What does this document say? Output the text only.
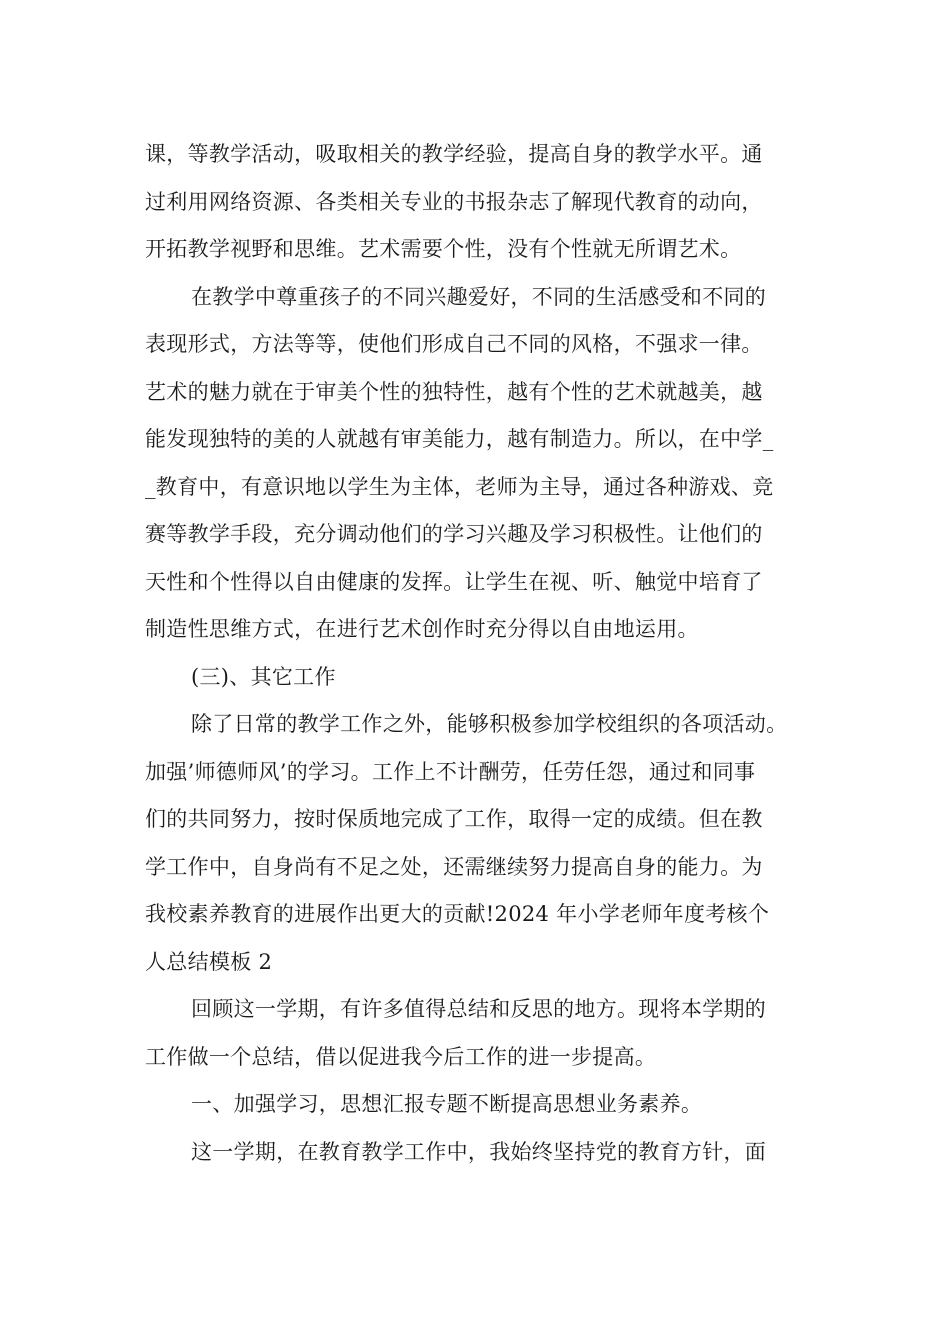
课，等教学活动，吸取相关的教学经验，提高自身的教学水平。通
过利用网络资源、各类相关专业的书报杂志了解现代教育的动向，
开拓教学视野和思维。艺术需要个性，没有个性就无所谓艺术。
在教学中尊重孩子的不同兴趣爱好，不同的生活感受和不同的
表现形式，方法等等，使他们形成自己不同的风格，不强求一律。
艺术的魅力就在于审美个性的独特性，越有个性的艺术就越美，越
能发现独特的美的人就越有审美能力，越有制造力。所以，在中学_
_教育中，有意识地以学生为主体，老师为主导，通过各种游戏、竞
赛等教学手段，充分调动他们的学习兴趣及学习积极性。让他们的
天性和个性得以自由健康的发挥。让学生在视、听、触觉中培育了
制造性思维方式，在进行艺术创作时充分得以自由地运用。
(三)、其它工作
除了日常的教学工作之外，能够积极参加学校组织的各项活动。
加强’师德师风’的学习。工作上不计酬劳，任劳任怨，通过和同事
们的共同努力，按时保质地完成了工作，取得一定的成绩。但在教
学工作中，自身尚有不足之处，还需继续努力提高自身的能力。为
我校素养教育的进展作出更大的贡献!2024 年小学老师年度考核个
人总结模板 2
回顾这一学期，有许多值得总结和反思的地方。现将本学期的
工作做一个总结，借以促进我今后工作的进一步提高。
一、加强学习，思想汇报专题不断提高思想业务素养。
这一学期，在教育教学工作中，我始终坚持党的教育方针，面
